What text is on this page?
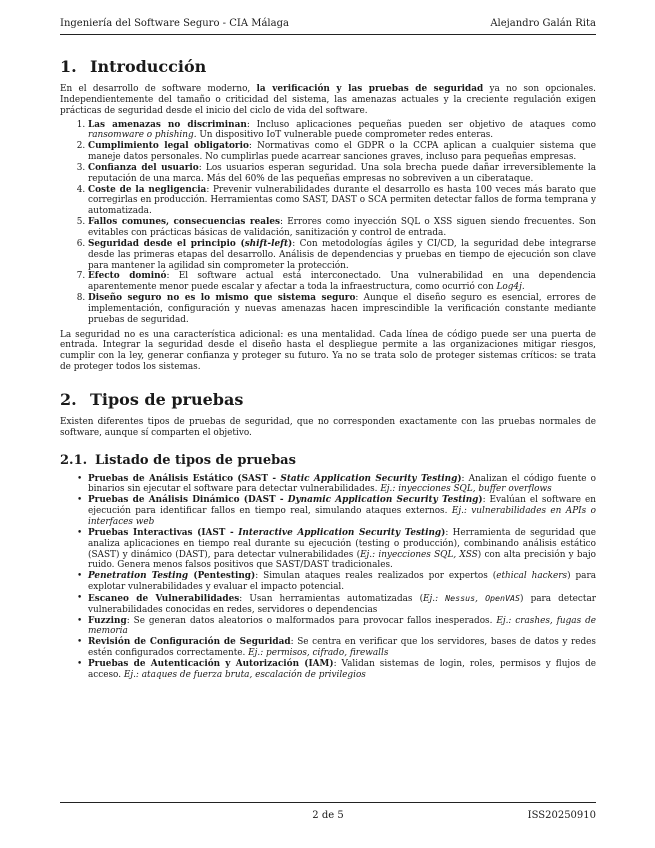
Ingeniería del Software Seguro - CIA Málaga	Alejandro Galán Rita
1. Introducción

En el desarrollo de software moderno, la verificación y las pruebas de seguridad ya no son opcionales. Independientemente del tamaño o criticidad del sistema, las amenazas actuales y la creciente regulación exigen prácticas de seguridad desde el inicio del ciclo de vida del software.

1. Las amenazas no discriminan: Incluso aplicaciones pequeñas pueden ser objetivo de ataques como ransomware o phishing. Un dispositivo IoT vulnerable puede comprometer redes enteras.
2. Cumplimiento legal obligatorio: Normativas como el GDPR o la CCPA aplican a cualquier sistema que maneje datos personales. No cumplirlas puede acarrear sanciones graves, incluso para pequeñas empresas.
3. Confianza del usuario: Los usuarios esperan seguridad. Una sola brecha puede dañar irreversiblemente la reputación de una marca. Más del 60% de las pequeñas empresas no sobreviven a un ciberataque.
4. Coste de la negligencia: Prevenir vulnerabilidades durante el desarrollo es hasta 100 veces más barato que corregirlas en producción. Herramientas como SAST, DAST o SCA permiten detectar fallos de forma temprana y automatizada.
5. Fallos comunes, consecuencias reales: Errores como inyección SQL o XSS siguen siendo frecuentes. Son evitables con prácticas básicas de validación, sanitización y control de entrada.
6. Seguridad desde el principio (shift-left): Con metodologías ágiles y CI/CD, la seguridad debe integrarse desde las primeras etapas del desarrollo. Análisis de dependencias y pruebas en tiempo de ejecución son clave para mantener la agilidad sin comprometer la protección.
7. Efecto dominó: El software actual está interconectado. Una vulnerabilidad en una dependencia aparentemente menor puede escalar y afectar a toda la infraestructura, como ocurrió con Log4j.
8. Diseño seguro no es lo mismo que sistema seguro: Aunque el diseño seguro es esencial, errores de implementación, configuración y nuevas amenazas hacen imprescindible la verificación constante mediante pruebas de seguridad.

La seguridad no es una característica adicional: es una mentalidad. Cada línea de código puede ser una puerta de entrada. Integrar la seguridad desde el diseño hasta el despliegue permite a las organizaciones mitigar riesgos, cumplir con la ley, generar confianza y proteger su futuro. Ya no se trata solo de proteger sistemas críticos: se trata de proteger todos los sistemas.

2. Tipos de pruebas

Existen diferentes tipos de pruebas de seguridad, que no corresponden exactamente con las pruebas normales de software, aunque sí comparten el objetivo.

2.1. Listado de tipos de pruebas
• Pruebas de Análisis Estático (SAST - Static Application Security Testing): Analizan el código fuente o binarios sin ejecutar el software para detectar vulnerabilidades. Ej.: inyecciones SQL, buffer overflows
• Pruebas de Análisis Dinámico (DAST - Dynamic Application Security Testing): Evalúan el software en ejecución para identificar fallos en tiempo real, simulando ataques externos. Ej.: vulnerabilidades en APIs o interfaces web
• Pruebas Interactivas (IAST - Interactive Application Security Testing): Herramienta de seguridad que analiza aplicaciones en tiempo real durante su ejecución (testing o producción), combinando análisis estático (SAST) y dinámico (DAST), para detectar vulnerabilidades (Ej.: inyecciones SQL, XSS) con alta precisión y bajo ruido. Genera menos falsos positivos que SAST/DAST tradicionales.
• Penetration Testing (Pentesting): Simulan ataques reales realizados por expertos (ethical hackers) para explotar vulnerabilidades y evaluar el impacto potencial.
• Escaneo de Vulnerabilidades: Usan herramientas automatizadas (Ej.: Nessus, OpenVAS) para detectar vulnerabilidades conocidas en redes, servidores o dependencias
• Fuzzing: Se generan datos aleatorios o malformados para provocar fallos inesperados. Ej.: crashes, fugas de memoria
• Revisión de Configuración de Seguridad: Se centra en verificar que los servidores, bases de datos y redes estén configurados correctamente. Ej.: permisos, cifrado, firewalls
• Pruebas de Autenticación y Autorización (IAM): Validan sistemas de login, roles, permisos y flujos de acceso. Ej.: ataques de fuerza bruta, escalación de privilegios
2 de 5	ISS20250910
